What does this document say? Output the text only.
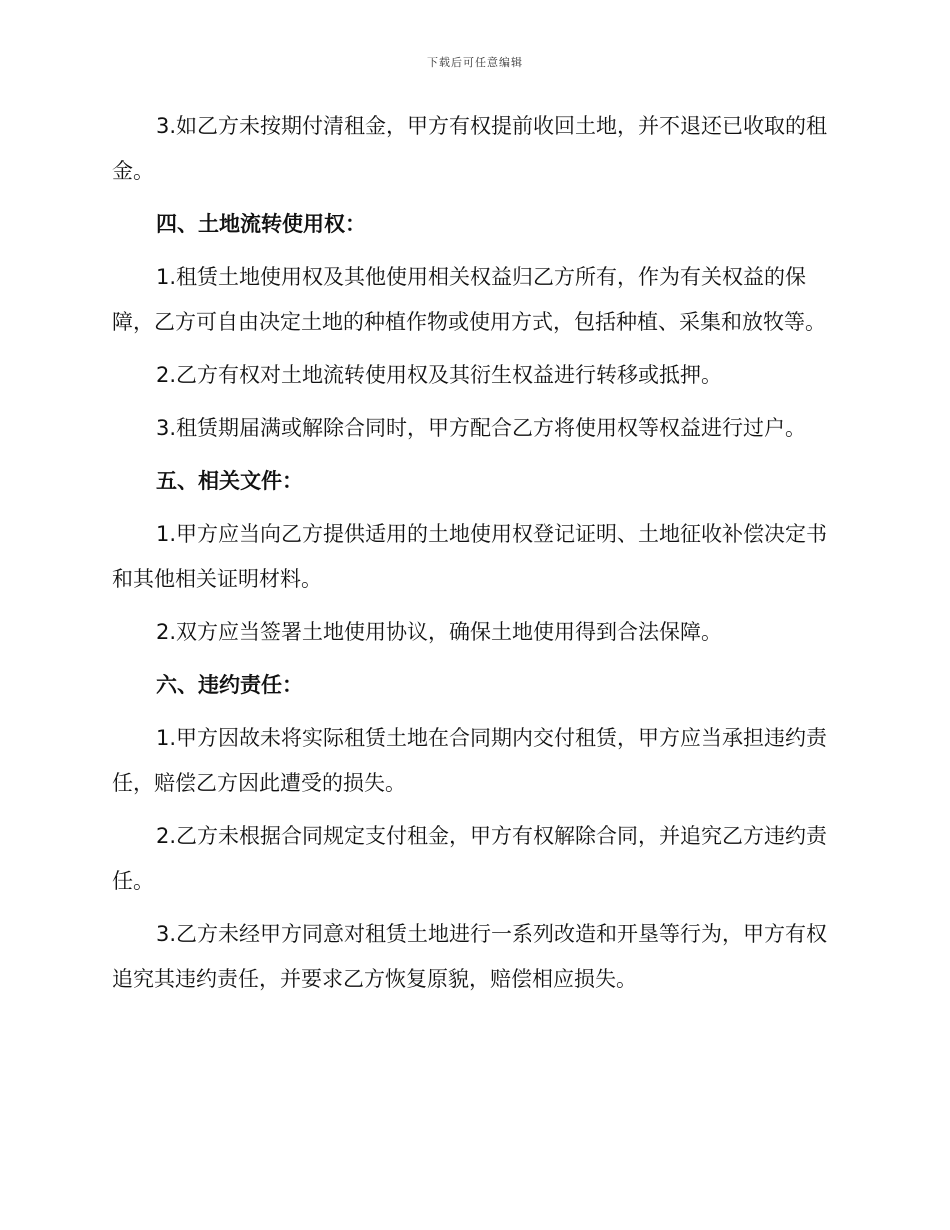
下载后可任意编辑

3.如乙方未按期付清租金，甲方有权提前收回土地，并不退还已收取的租金。

四、土地流转使用权：

1.租赁土地使用权及其他使用相关权益归乙方所有，作为有关权益的保障，乙方可自由决定土地的种植作物或使用方式，包括种植、采集和放牧等。

2.乙方有权对土地流转使用权及其衍生权益进行转移或抵押。

3.租赁期届满或解除合同时，甲方配合乙方将使用权等权益进行过户。

五、相关文件：

1.甲方应当向乙方提供适用的土地使用权登记证明、土地征收补偿决定书和其他相关证明材料。

2.双方应当签署土地使用协议，确保土地使用得到合法保障。

六、违约责任：

1.甲方因故未将实际租赁土地在合同期内交付租赁，甲方应当承担违约责任，赔偿乙方因此遭受的损失。

2.乙方未根据合同规定支付租金，甲方有权解除合同，并追究乙方违约责任。

3.乙方未经甲方同意对租赁土地进行一系列改造和开垦等行为，甲方有权追究其违约责任，并要求乙方恢复原貌，赔偿相应损失。
